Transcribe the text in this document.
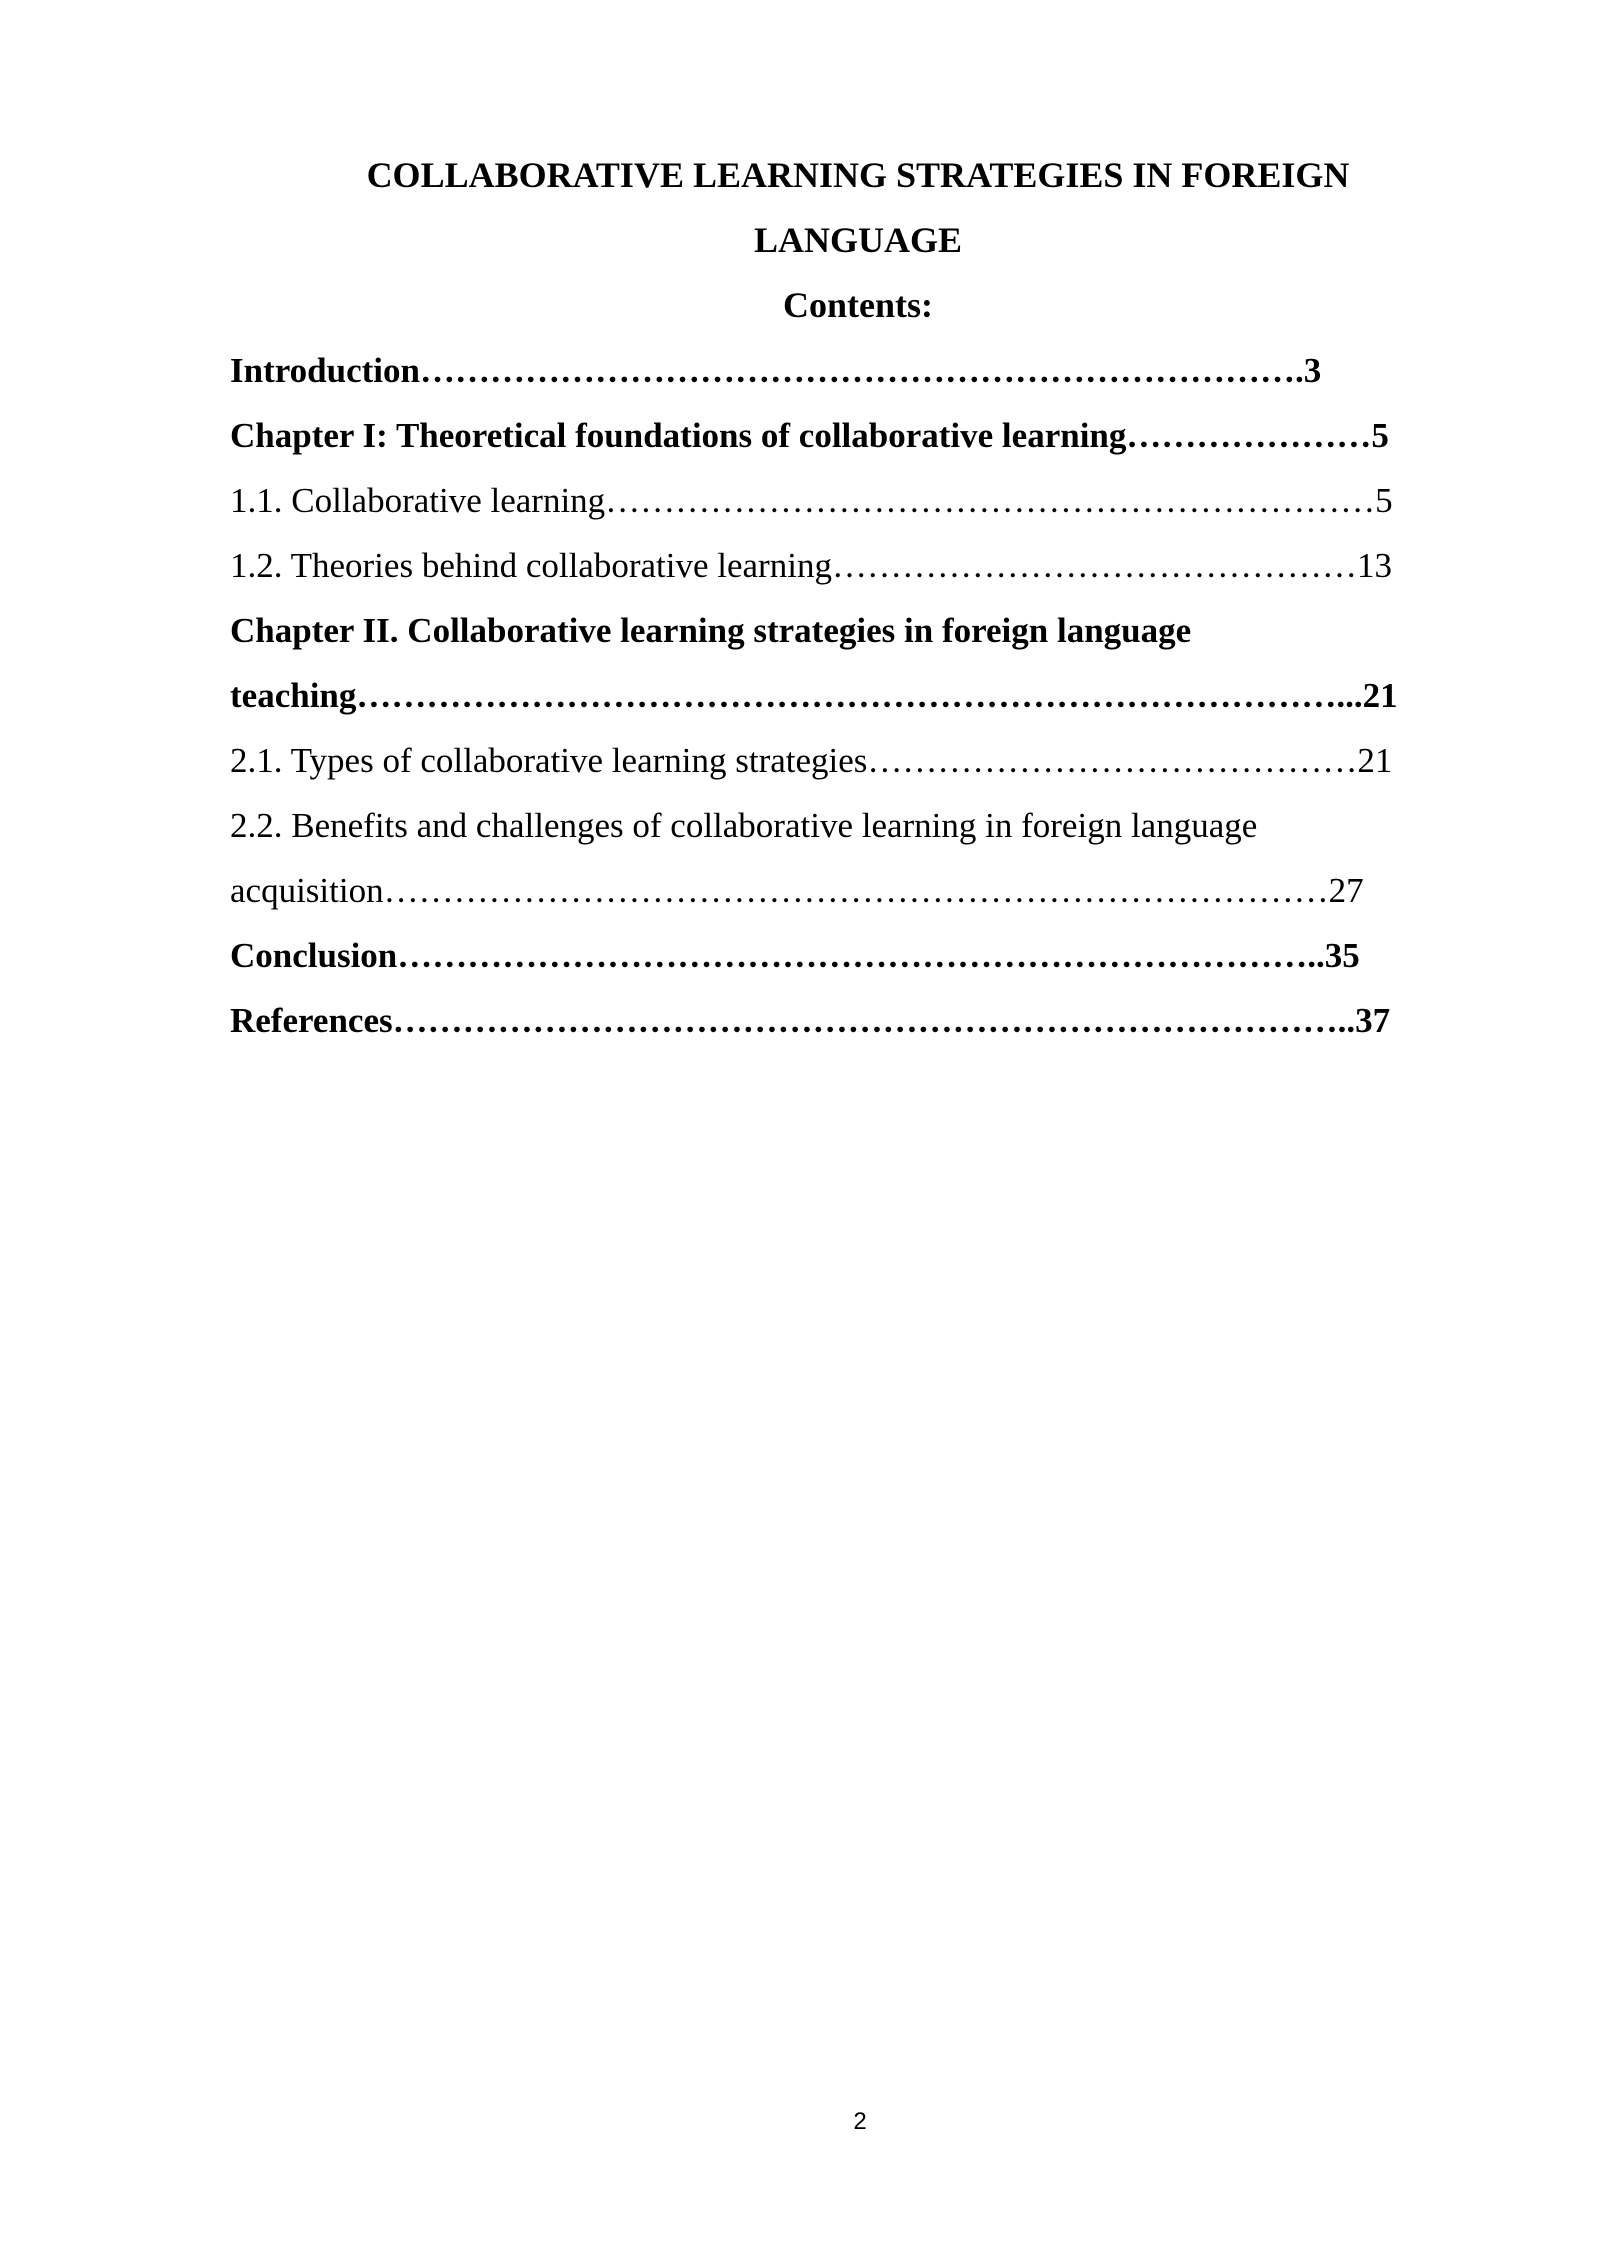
COLLABORATIVE LEARNING STRATEGIES IN FOREIGN
LANGUAGE
Contents:
Introduction………………………………………………………………….3
Chapter I: Theoretical foundations of collaborative learning…………………5
1.1. Collaborative learning…………………………………………………………5
1.2. Theories behind collaborative learning………………………………………13
Chapter II. Collaborative learning strategies in foreign language
teaching…………………………………………………………………………...21
2.1. Types of collaborative learning strategies……………………………………21
2.2. Benefits and challenges of collaborative learning in foreign language
acquisition………………………………………………………………………27
Conclusion……………………………………………………………………..35
References………………………………………………………………………..37
2
